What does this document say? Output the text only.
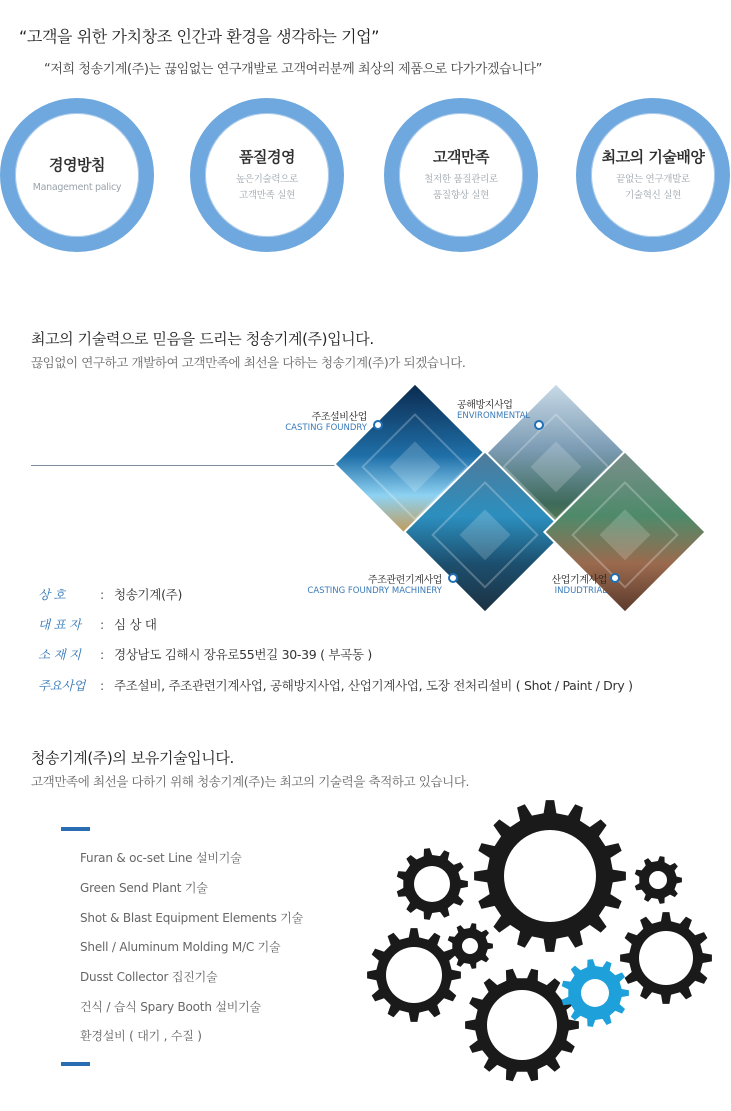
“고객을 위한 가치창조 인간과 환경을 생각하는 기업”
“저희 청송기계(주)는 끊임없는 연구개발로 고객여러분께 최상의 제품으로 다가가겠습니다”
경영방침
Management palicy
품질경영
높은기술력으로
고객만족 실현
고객만족
철저한 품질관리로
품질향상 실현
최고의 기술배양
끝없는 연구개발로
기술혁신 실현
최고의 기술력으로 믿음을 드리는 청송기계(주)입니다.
끊임없이 연구하고 개발하여 고객만족에 최선을 다하는 청송기계(주)가 되겠습니다.
주조설비산업
CASTING FOUNDRY
공해방지사업
ENVIRONMENTAL
주조관련기계사업
CASTING FOUNDRY MACHINERY
산업기계사업
INDUDTRIAL
상 호	: 청송기계(주)
대 표 자 : 심 상 대
소 재 지 : 경상남도 김해시 장유로55번길 30-39 ( 부곡동 )
주요사업 : 주조설비, 주조관련기계사업, 공해방지사업, 산업기계사업, 도장 전처리설비 ( Shot / Paint / Dry )
청송기계(주)의 보유기술입니다.
고객만족에 최선을 다하기 위해 청송기계(주)는 최고의 기술력을 축적하고 있습니다.
Furan & oc-set Line 설비기술
Green Send Plant 기술
Shot & Blast Equipment Elements 기술
Shell / Aluminum Molding M/C 기술
Dusst Collector 집진기술
건식 / 습식 Spary Booth 설비기술
환경설비 ( 대기 , 수질 )
